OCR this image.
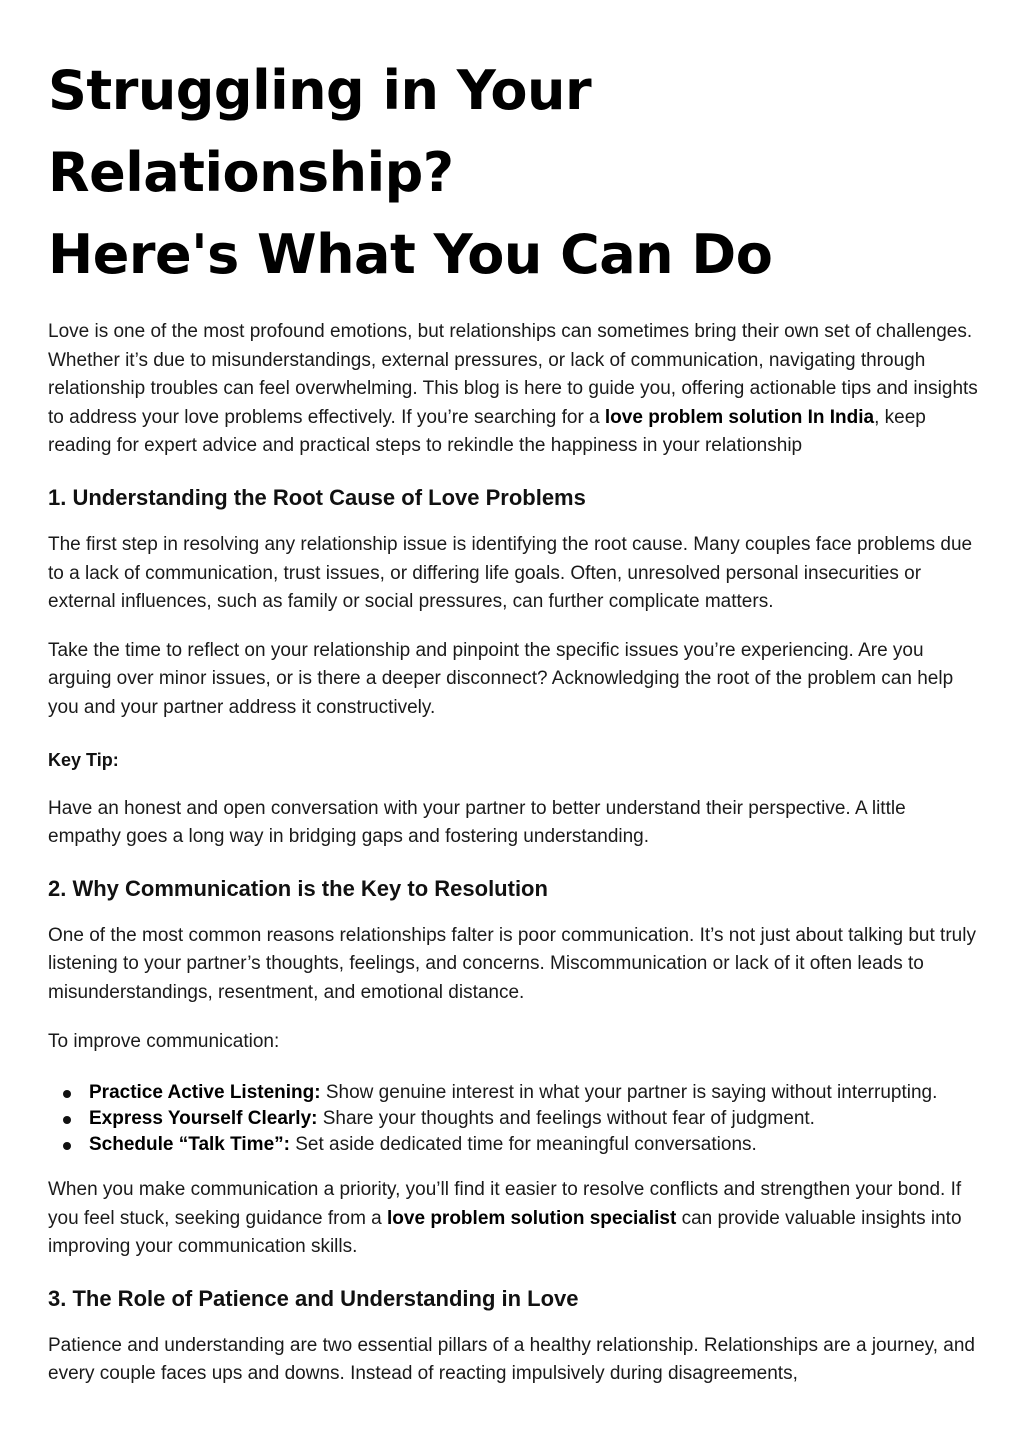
Struggling in Your Relationship?
Here's What You Can Do

Love is one of the most profound emotions, but relationships can sometimes bring their own set of challenges. Whether it’s due to misunderstandings, external pressures, or lack of communication, navigating through relationship troubles can feel overwhelming. This blog is here to guide you, offering actionable tips and insights to address your love problems effectively. If you’re searching for a love problem solution In India, keep reading for expert advice and practical steps to rekindle the happiness in your relationship

1. Understanding the Root Cause of Love Problems

The first step in resolving any relationship issue is identifying the root cause. Many couples face problems due to a lack of communication, trust issues, or differing life goals. Often, unresolved personal insecurities or external influences, such as family or social pressures, can further complicate matters.

Take the time to reflect on your relationship and pinpoint the specific issues you’re experiencing. Are you arguing over minor issues, or is there a deeper disconnect? Acknowledging the root of the problem can help you and your partner address it constructively.

Key Tip:

Have an honest and open conversation with your partner to better understand their perspective. A little empathy goes a long way in bridging gaps and fostering understanding.

2. Why Communication is the Key to Resolution

One of the most common reasons relationships falter is poor communication. It’s not just about talking but truly listening to your partner’s thoughts, feelings, and concerns. Miscommunication or lack of it often leads to misunderstandings, resentment, and emotional distance.

To improve communication:

Practice Active Listening: Show genuine interest in what your partner is saying without interrupting.
Express Yourself Clearly: Share your thoughts and feelings without fear of judgment.
Schedule “Talk Time”: Set aside dedicated time for meaningful conversations.

When you make communication a priority, you’ll find it easier to resolve conflicts and strengthen your bond. If you feel stuck, seeking guidance from a love problem solution specialist can provide valuable insights into improving your communication skills.

3. The Role of Patience and Understanding in Love

Patience and understanding are two essential pillars of a healthy relationship. Relationships are a journey, and every couple faces ups and downs. Instead of reacting impulsively during disagreements,
